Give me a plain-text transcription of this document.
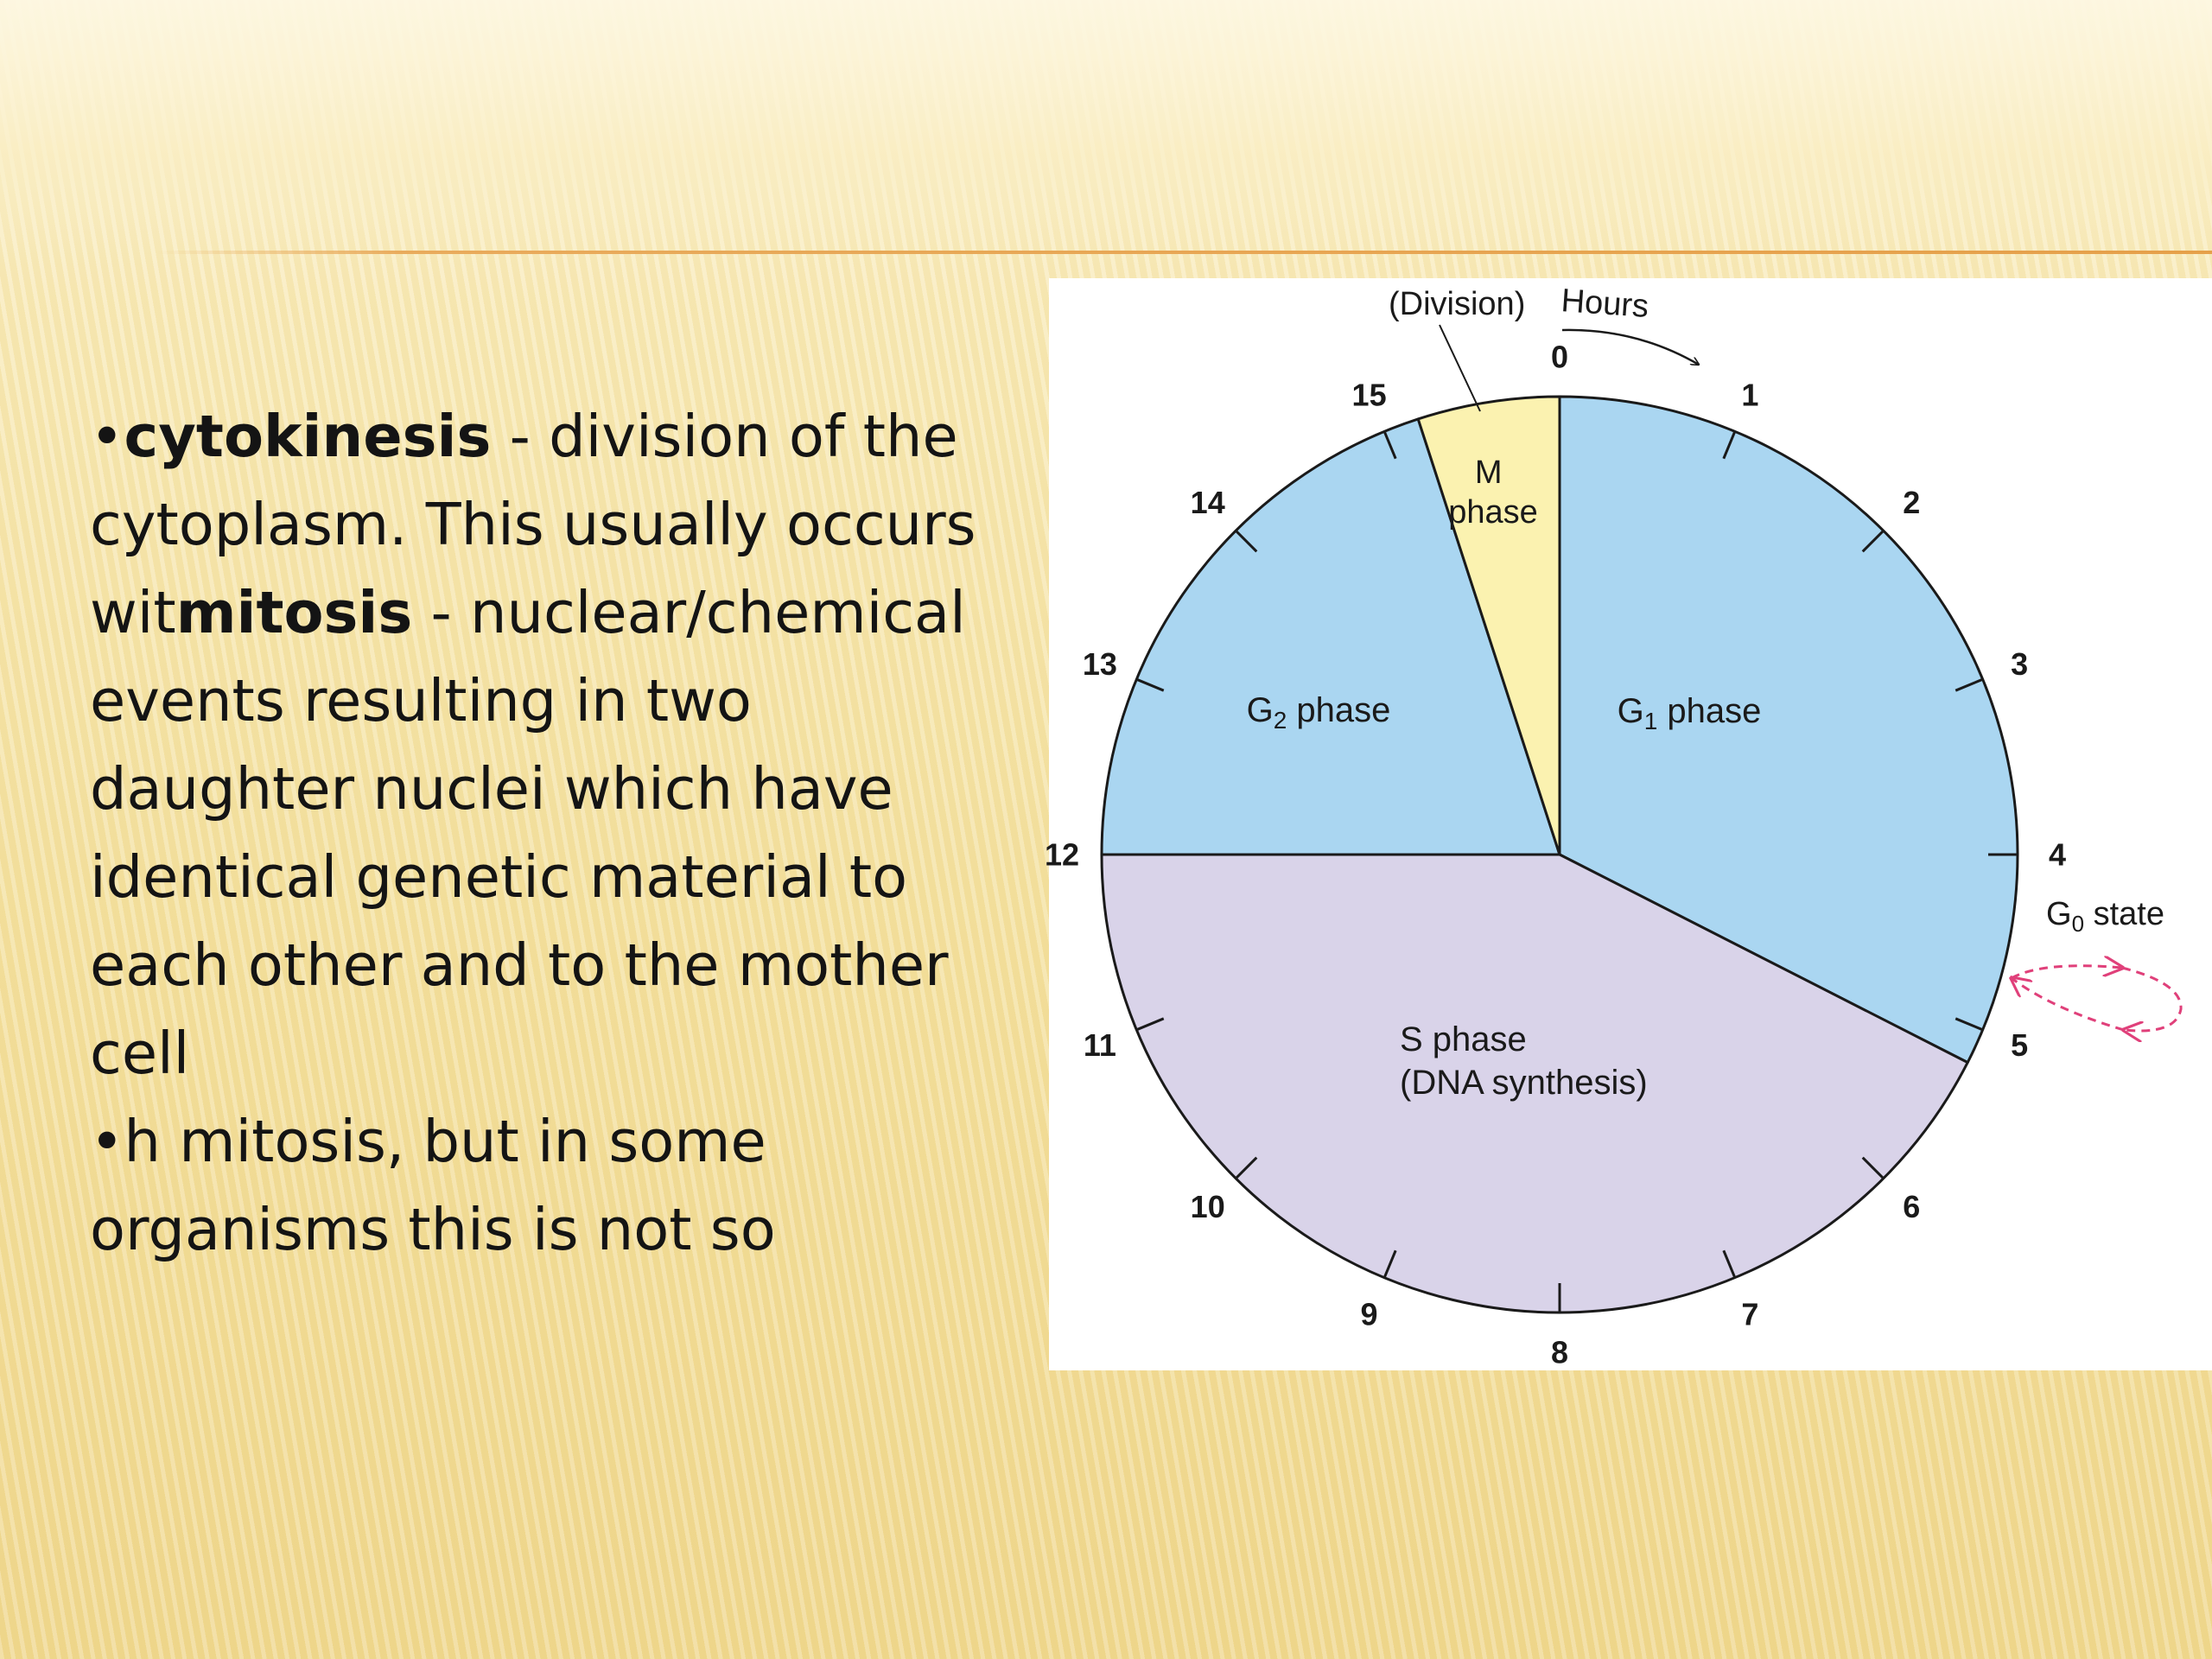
•cytokinesis - division of the cytoplasm. This usually occurs witmitosis - nuclear/chemical events resulting in two daughter nuclei which have identical genetic material to each other and to the mother cell

•h mitosis, but in some organisms this is not so

0
1
2
3
4
5
6
7
8
9
10
11
12
13
14
15
(Division) Hours
M phase
G1 phase
G2 phase
S phase (DNA synthesis)
G0 state
